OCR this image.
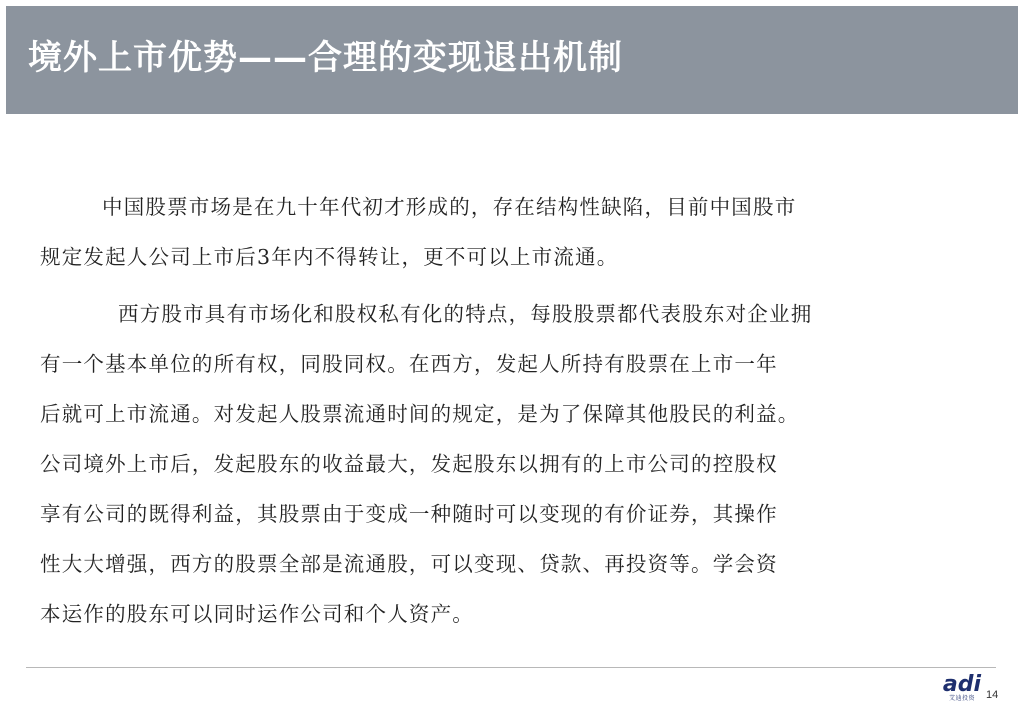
境外上市优势——合理的变现退出机制

中国股票市场是在九十年代初才形成的，存在结构性缺陷，目前中国股市
规定发起人公司上市后3年内不得转让，更不可以上市流通。

西方股市具有市场化和股权私有化的特点，每股股票都代表股东对企业拥
有一个基本单位的所有权，同股同权。在西方，发起人所持有股票在上市一年
后就可上市流通。对发起人股票流通时间的规定，是为了保障其他股民的利益。
公司境外上市后，发起股东的收益最大，发起股东以拥有的上市公司的控股权
享有公司的既得利益，其股票由于变成一种随时可以变现的有价证券，其操作
性大大增强，西方的股票全部是流通股，可以变现、贷款、再投资等。学会资
本运作的股东可以同时运作公司和个人资产。

adi
艾迪投资	14
